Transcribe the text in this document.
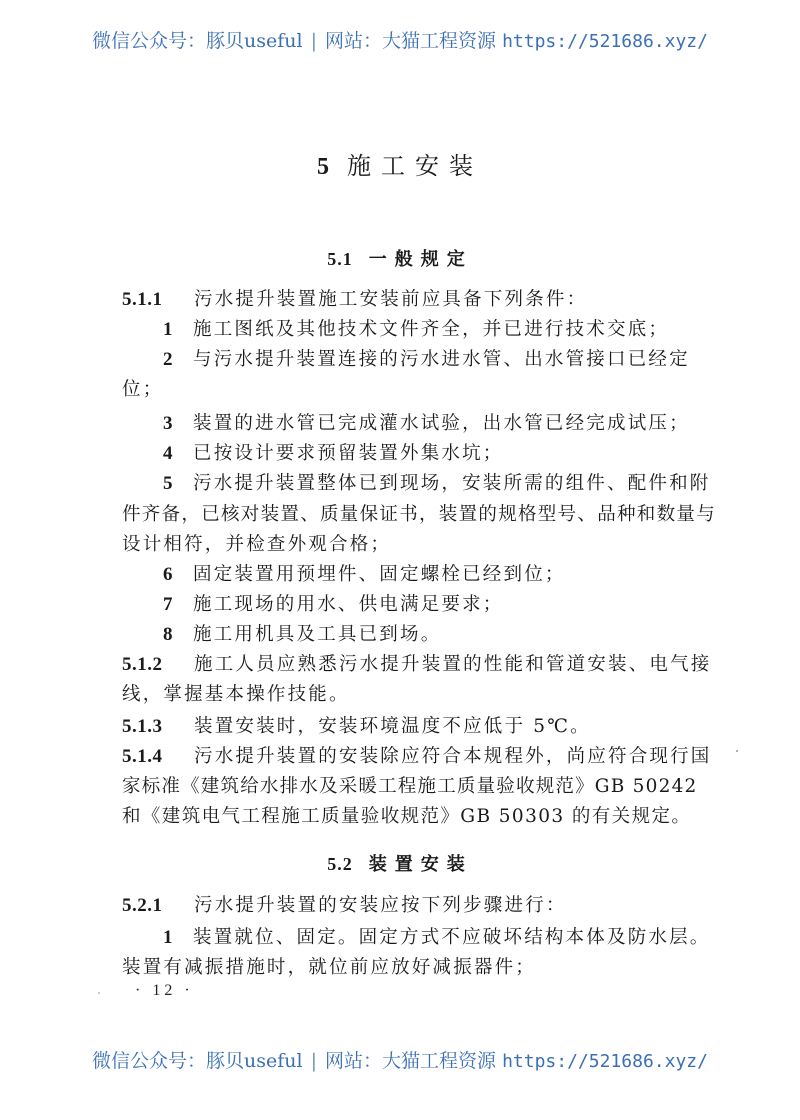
微信公众号：豚贝useful | 网站：大猫工程资源 https://521686.xyz/
5 施工安装
5.1 一般规定
5.1.1 污水提升装置施工安装前应具备下列条件：
1 施工图纸及其他技术文件齐全，并已进行技术交底；
2 与污水提升装置连接的污水进水管、出水管接口已经定
位；
3 装置的进水管已完成灌水试验，出水管已经完成试压；
4 已按设计要求预留装置外集水坑；
5 污水提升装置整体已到现场，安装所需的组件、配件和附
件齐备，已核对装置、质量保证书，装置的规格型号、品种和数量与
设计相符，并检查外观合格；
6 固定装置用预埋件、固定螺栓已经到位；
7 施工现场的用水、供电满足要求；
8 施工用机具及工具已到场。
5.1.2 施工人员应熟悉污水提升装置的性能和管道安装、电气接
线，掌握基本操作技能。
5.1.3 装置安装时，安装环境温度不应低于 5℃。
5.1.4 污水提升装置的安装除应符合本规程外，尚应符合现行国
家标准《建筑给水排水及采暖工程施工质量验收规范》GB 50242
和《建筑电气工程施工质量验收规范》GB 50303 的有关规定。
5.2 装置安装
5.2.1 污水提升装置的安装应按下列步骤进行：
1 装置就位、固定。固定方式不应破坏结构本体及防水层。
装置有减振措施时，就位前应放好减振器件；
· 12 ·
微信公众号：豚贝useful | 网站：大猫工程资源 https://521686.xyz/
